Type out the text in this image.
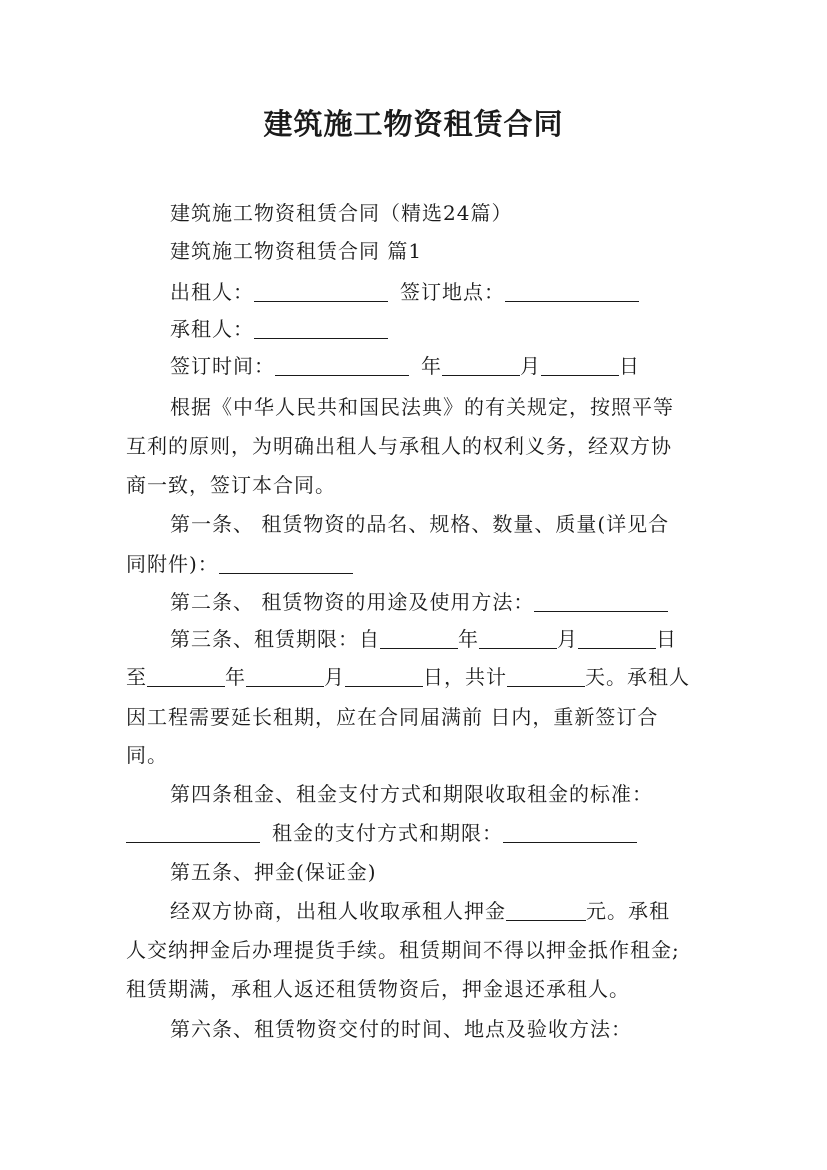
建筑施工物资租赁合同
建筑施工物资租赁合同（精选24篇）
建筑施工物资租赁合同 篇1
出租人：	签订地点：
承租人：
签订时间：	年	月	日
根据《中华人民共和国民法典》的有关规定，按照平等
互利的原则，为明确出租人与承租人的权利义务，经双方协
商一致，签订本合同。
第一条、 租赁物资的品名、规格、数量、质量(详见合
同附件)：
第二条、 租赁物资的用途及使用方法：
第三条、租赁期限：自	年	月	日
至	年	月	日，共计	天。承租人
因工程需要延长租期，应在合同届满前 日内，重新签订合
同。
第四条租金、租金支付方式和期限收取租金的标准：
租金的支付方式和期限：
第五条、押金(保证金)
经双方协商，出租人收取承租人押金	元。承租
人交纳押金后办理提货手续。租赁期间不得以押金抵作租金;
租赁期满，承租人返还租赁物资后，押金退还承租人。
第六条、租赁物资交付的时间、地点及验收方法：
